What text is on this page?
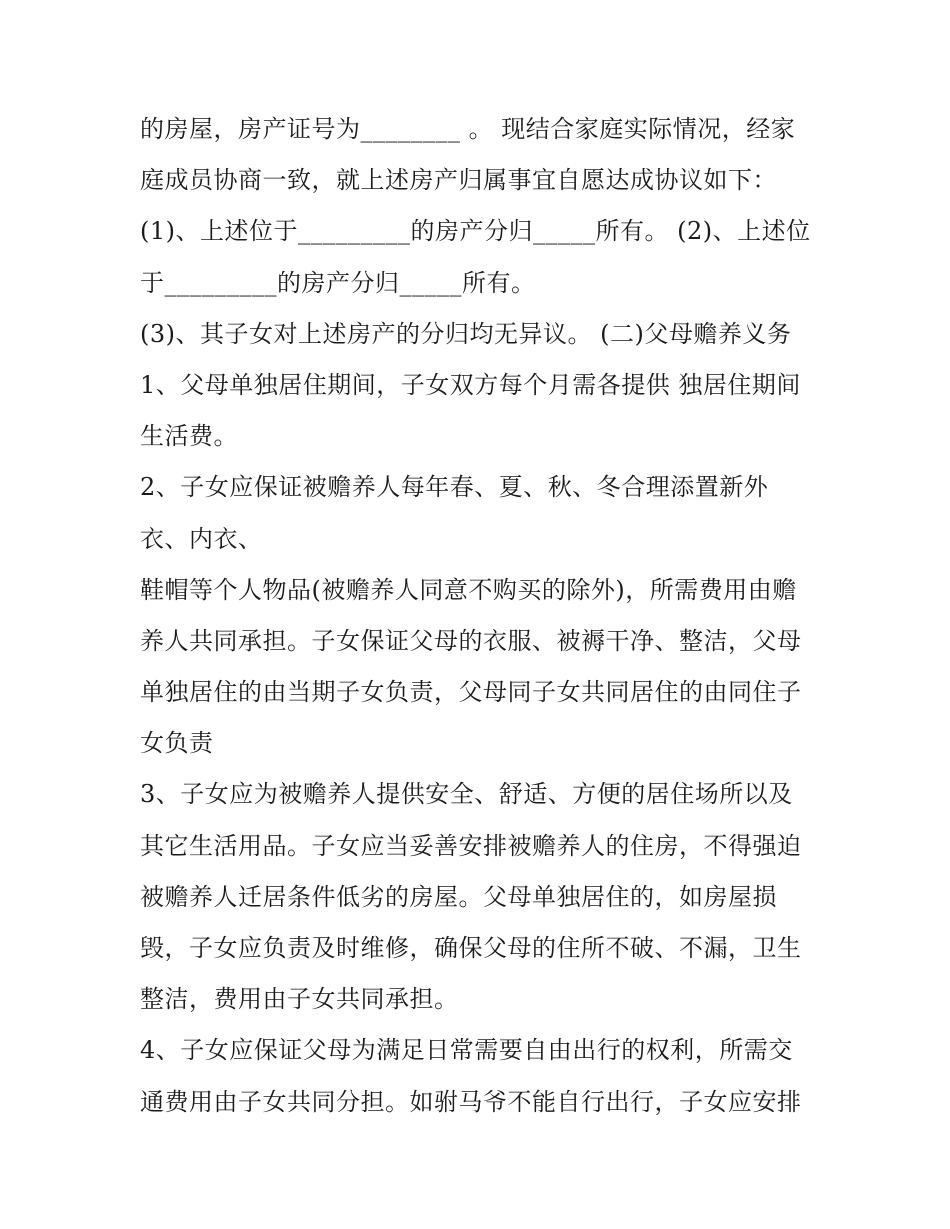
的房屋，房产证号为________ 。 现结合家庭实际情况，经家
庭成员协商一致，就上述房产归属事宜自愿达成协议如下：
(1)、上述位于_________的房产分归_____所有。 (2)、上述位
于_________的房产分归_____所有。
(3)、其子女对上述房产的分归均无异议。 (二)父母赡养义务
1、父母单独居住期间，子女双方每个月需各提供 独居住期间
生活费。
2、子女应保证被赡养人每年春、夏、秋、冬合理添置新外
衣、内衣、
鞋帽等个人物品(被赡养人同意不购买的除外)，所需费用由赡
养人共同承担。子女保证父母的衣服、被褥干净、整洁，父母
单独居住的由当期子女负责，父母同子女共同居住的由同住子
女负责
3、子女应为被赡养人提供安全、舒适、方便的居住场所以及
其它生活用品。子女应当妥善安排被赡养人的住房，不得强迫
被赡养人迁居条件低劣的房屋。父母单独居住的，如房屋损
毁，子女应负责及时维修，确保父母的住所不破、不漏，卫生
整洁，费用由子女共同承担。
4、子女应保证父母为满足日常需要自由出行的权利，所需交
通费用由子女共同分担。如驸马爷不能自行出行，子女应安排
